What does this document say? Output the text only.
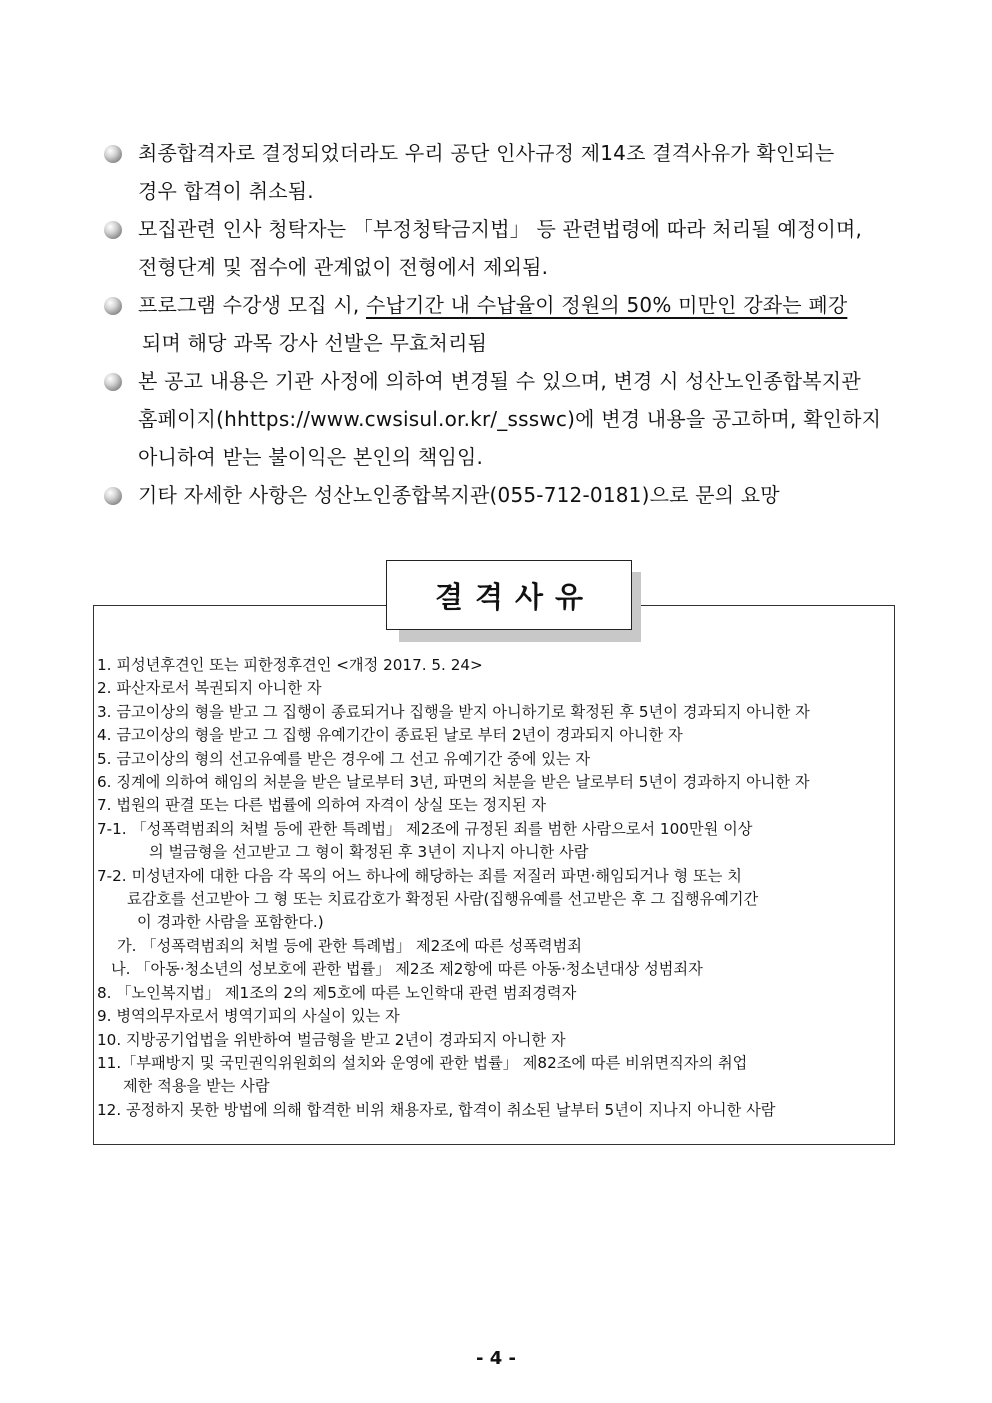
최종합격자로 결정되었더라도 우리 공단 인사규정 제14조 결격사유가 확인되는
경우 합격이 취소됨.
모집관련 인사 청탁자는 「부정청탁금지법」 등 관련법령에 따라 처리될 예정이며,
전형단계 및 점수에 관계없이 전형에서 제외됨.
프로그램 수강생 모집 시, 수납기간 내 수납율이 정원의 50% 미만인 강좌는 폐강
되며 해당 과목 강사 선발은 무효처리됨
본 공고 내용은 기관 사정에 의하여 변경될 수 있으며, 변경 시 성산노인종합복지관
홈페이지(hhttps://www.cwsisul.or.kr/_ssswc)에 변경 내용을 공고하며, 확인하지
아니하여 받는 불이익은 본인의 책임임.
기타 자세한 사항은 성산노인종합복지관(055-712-0181)으로 문의 요망
결격사유
1. 피성년후견인 또는 피한정후견인 <개정 2017. 5. 24>
2. 파산자로서 복권되지 아니한 자
3. 금고이상의 형을 받고 그 집행이 종료되거나 집행을 받지 아니하기로 확정된 후 5년이 경과되지 아니한 자
4. 금고이상의 형을 받고 그 집행 유예기간이 종료된 날로 부터 2년이 경과되지 아니한 자
5. 금고이상의 형의 선고유예를 받은 경우에 그 선고 유예기간 중에 있는 자
6. 징계에 의하여 해임의 처분을 받은 날로부터 3년, 파면의 처분을 받은 날로부터 5년이 경과하지 아니한 자
7. 법원의 판결 또는 다른 법률에 의하여 자격이 상실 또는 정지된 자
7-1. 「성폭력범죄의 처벌 등에 관한 특례법」 제2조에 규정된 죄를 범한 사람으로서 100만원 이상
의 벌금형을 선고받고 그 형이 확정된 후 3년이 지나지 아니한 사람
7-2. 미성년자에 대한 다음 각 목의 어느 하나에 해당하는 죄를 저질러 파면·해임되거나 형 또는 치
료감호를 선고받아 그 형 또는 치료감호가 확정된 사람(집행유예를 선고받은 후 그 집행유예기간
이 경과한 사람을 포함한다.)
가. 「성폭력범죄의 처벌 등에 관한 특례법」 제2조에 따른 성폭력범죄
나. 「아동·청소년의 성보호에 관한 법률」 제2조 제2항에 따른 아동·청소년대상 성범죄자
8. 「노인복지법」 제1조의 2의 제5호에 따른 노인학대 관련 범죄경력자
9. 병역의무자로서 병역기피의 사실이 있는 자
10. 지방공기업법을 위반하여 벌금형을 받고 2년이 경과되지 아니한 자
11.「부패방지 및 국민권익위원회의 설치와 운영에 관한 법률」 제82조에 따른 비위면직자의 취업
제한 적용을 받는 사람
12. 공정하지 못한 방법에 의해 합격한 비위 채용자로, 합격이 취소된 날부터 5년이 지나지 아니한 사람
- 4 -
